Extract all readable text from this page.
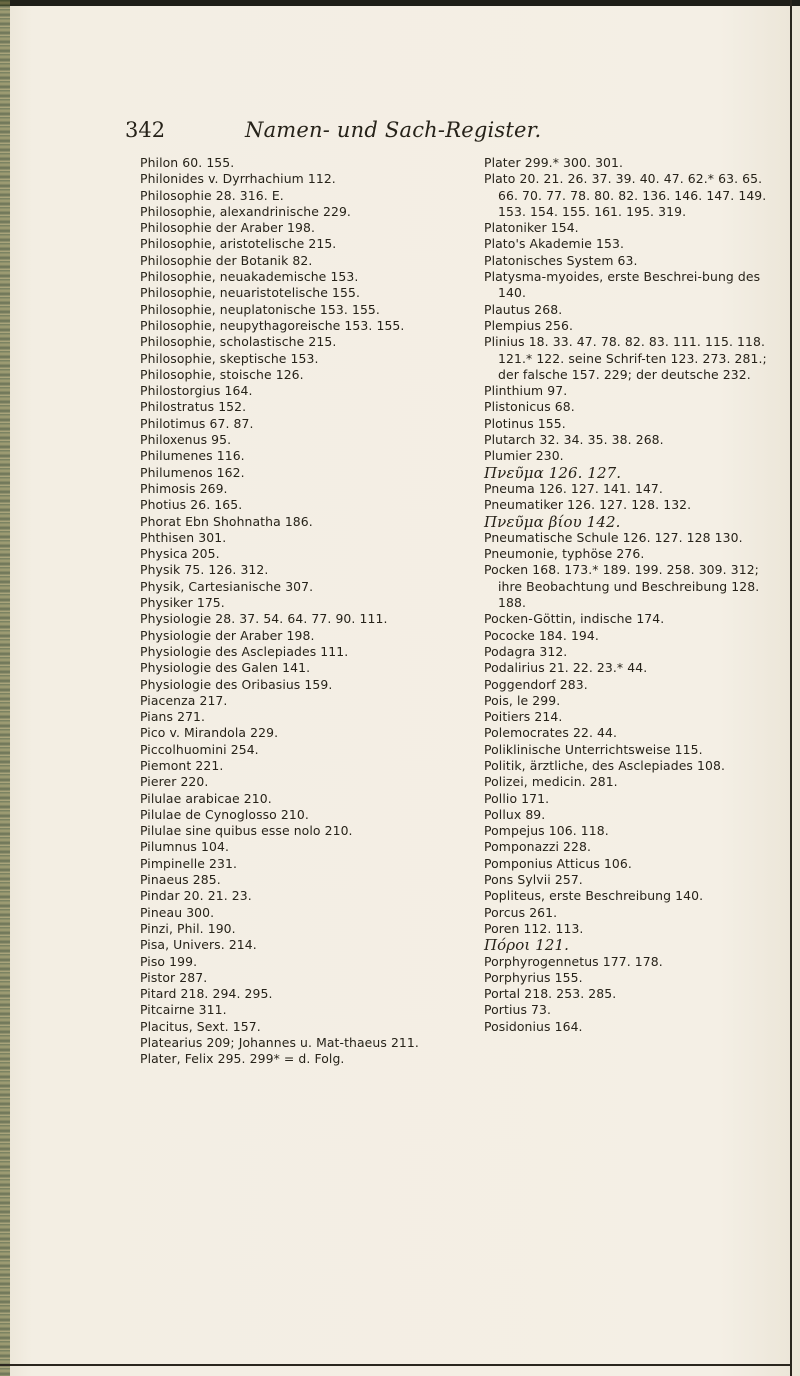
342	Namen- und Sach-Register.
Philon 60. 155.
Philonides v. Dyrrhachium 112.
Philosophie 28. 316. E.
Philosophie, alexandrinische 229.
Philosophie der Araber 198.
Philosophie, aristotelische 215.
Philosophie der Botanik 82.
Philosophie, neuakademische 153.
Philosophie, neuaristotelische 155.
Philosophie, neuplatonische 153. 155.
Philosophie, neupythagoreische 153. 155.
Philosophie, scholastische 215.
Philosophie, skeptische 153.
Philosophie, stoische 126.
Philostorgius 164.
Philostratus 152.
Philotimus 67. 87.
Philoxenus 95.
Philumenes 116.
Philumenos 162.
Phimosis 269.
Photius 26. 165.
Phorat Ebn Shohnatha 186.
Phthisen 301.
Physica 205.
Physik 75. 126. 312.
Physik, Cartesianische 307.
Physiker 175.
Physiologie 28. 37. 54. 64. 77. 90. 111.
Physiologie der Araber 198.
Physiologie des Asclepiades 111.
Physiologie des Galen 141.
Physiologie des Oribasius 159.
Piacenza 217.
Pians 271.
Pico v. Mirandola 229.
Piccolhuomini 254.
Piemont 221.
Pierer 220.
Pilulae arabicae 210.
Pilulae de Cynoglosso 210.
Pilulae sine quibus esse nolo 210.
Pilumnus 104.
Pimpinelle 231.
Pinaeus 285.
Pindar 20. 21. 23.
Pineau 300.
Pinzi, Phil. 190.
Pisa, Univers. 214.
Piso 199.
Pistor 287.
Pitard 218. 294. 295.
Pitcairne 311.
Placitus, Sext. 157.
Platearius 209; Johannes u. Mat-thaeus 211.
Plater, Felix 295. 299* = d. Folg.
Plater 299.* 300. 301.
Plato 20. 21. 26. 37. 39. 40. 47. 62.* 63. 65. 66. 70. 77. 78. 80. 82. 136. 146. 147. 149. 153. 154. 155. 161. 195. 319.
Platoniker 154.
Plato's Akademie 153.
Platonisches System 63.
Platysma-myoides, erste Beschrei-bung des 140.
Plautus 268.
Plempius 256.
Plinius 18. 33. 47. 78. 82. 83. 111. 115. 118. 121.* 122. seine Schrif-ten 123. 273. 281.; der falsche 157. 229; der deutsche 232.
Plinthium 97.
Plistonicus 68.
Plotinus 155.
Plutarch 32. 34. 35. 38. 268.
Plumier 230.
Πνεῦμα 126. 127.
Pneuma 126. 127. 141. 147.
Pneumatiker 126. 127. 128. 132.
Πνεῦμα βίου 142.
Pneumatische Schule 126. 127. 128 130.
Pneumonie, typhöse 276.
Pocken 168. 173.* 189. 199. 258. 309. 312; ihre Beobachtung und Beschreibung 128. 188.
Pocken-Göttin, indische 174.
Pococke 184. 194.
Podagra 312.
Podalirius 21. 22. 23.* 44.
Poggendorf 283.
Pois, le 299.
Poitiers 214.
Polemocrates 22. 44.
Poliklinische Unterrichtsweise 115.
Politik, ärztliche, des Asclepiades 108.
Polizei, medicin. 281.
Pollio 171.
Pollux 89.
Pompejus 106. 118.
Pomponazzi 228.
Pomponius Atticus 106.
Pons Sylvii 257.
Popliteus, erste Beschreibung 140.
Porcus 261.
Poren 112. 113.
Πόροι 121.
Porphyrogennetus 177. 178.
Porphyrius 155.
Portal 218. 253. 285.
Portius 73.
Posidonius 164.
